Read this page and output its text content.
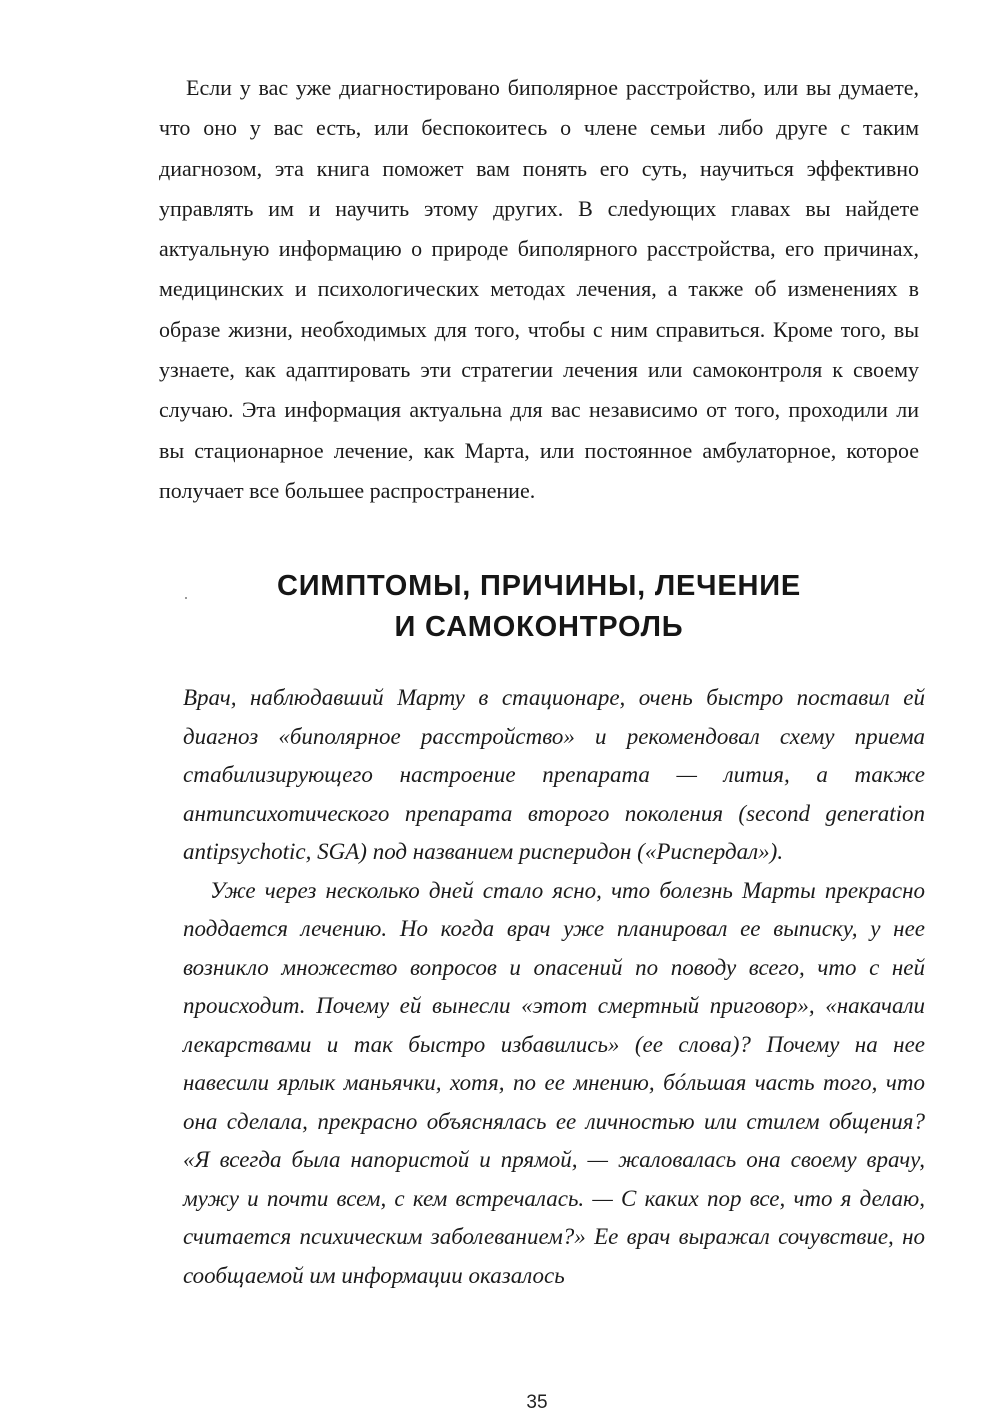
Если у вас уже диагностировано биполярное расстройство, или вы думаете, что оно у вас есть, или беспокоитесь о члене семьи либо друге с таким диагнозом, эта книга поможет вам понять его суть, научиться эффективно управлять им и научить этому других. В слеdующих главах вы найдете актуальную информацию о природе биполярного расстройства, его причинах, медицинских и психологических методах лечения, а также об изменениях в образе жизни, необходимых для того, чтобы с ним справиться. Кроме того, вы узнаете, как адаптировать эти стратегии лечения или самоконтроля к своему случаю. Эта информация актуальна для вас независимо от того, проходили ли вы стационарное лечение, как Марта, или постоянное амбулаторное, которое получает все большее распространение.

СИМПТОМЫ, ПРИЧИНЫ, ЛЕЧЕНИЕ
И САМОКОНТРОЛЬ

Врач, наблюдавший Марту в стационаре, очень быстро поставил ей диагноз «биполярное расстройство» и рекомендовал схему приема стабилизирующего настроение препарата — лития, а также антипсихотического препарата второго поколения (second generation antipsychotic, SGA) под названием рисперидон («Риспердал»).

Уже через несколько дней стало ясно, что болезнь Марты прекрасно поддается лечению. Но когда врач уже планировал ее выписку, у нее возникло множество вопросов и опасений по поводу всего, что с ней происходит. Почему ей вынесли «этот смертный приговор», «накачали лекарствами и так быстро избавились» (ее слова)? Почему на нее навесили ярлык маньячки, хотя, по ее мнению, бóльшая часть того, что она сделала, прекрасно объяснялась ее личностью или стилем общения? «Я всегда была напористой и прямой, — жаловалась она своему врачу, мужу и почти всем, с кем встречалась. — С каких пор все, что я делаю, считается психическим заболеванием?» Ее врач выражал сочувствие, но сообщаемой им информации оказалось

35
